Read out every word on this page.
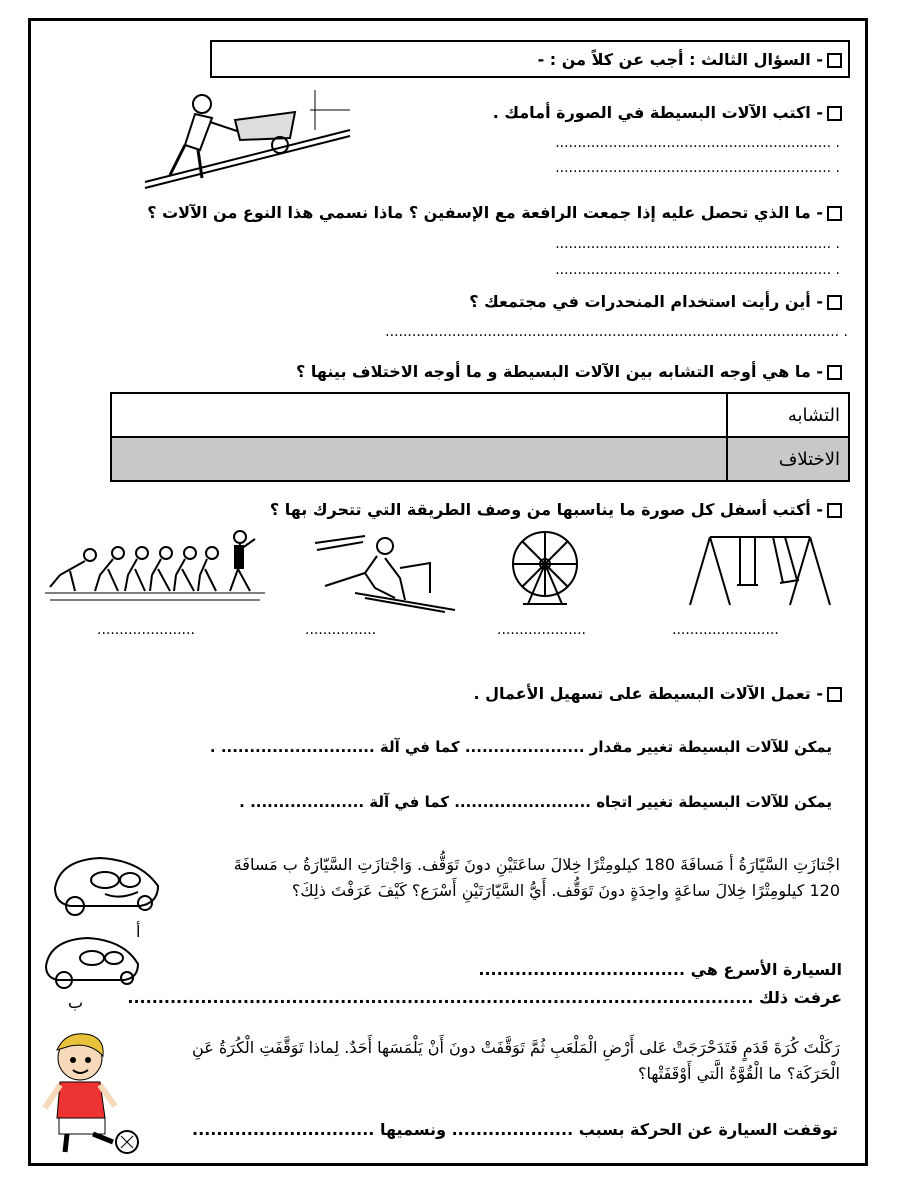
- السؤال الثالث : أجب عن كلاً من : -
- اكتب الآلات البسيطة في الصورة أمامك .
. ..............................................................
. ..............................................................
- ما الذي تحصل عليه إذا جمعت الرافعة مع الإسفين ؟ ماذا نسمي هذا النوع من الآلات ؟
. ..............................................................
. ..............................................................
- أين رأيت استخدام المنحدرات في مجتمعك ؟
. ......................................................................................................
- ما هي أوجه التشابه بين الآلات البسيطة و ما أوجه الاختلاف بينها ؟
التشابه	
الاختلاف	
- أكتب أسفل كل صورة ما يناسبها من وصف الطريقة التي تتحرك بها ؟
......................	................	....................	........................
- تعمل الآلات البسيطة على تسهيل الأعمال .
يمكن للآلات البسيطة تغيير مقدار ..................... كما في آلة ........................... .
يمكن للآلات البسيطة تغيير اتجاه ........................ كما في آلة .................... .
أ
ب
اجْتازَتِ السَّيّارَةُ أ مَسافَةَ 180 كيلومِتْرًا خِلالَ ساعَتَيْنِ دونَ تَوَقُّف. وَاجْتازَتِ السَّيّارَةُ ب مَسافَةَ 120 كيلومِتْرًا خِلالَ ساعَةٍ واحِدَةٍ دونَ تَوَقُّف. أَيُّ السَّيّارَتَيْنِ أَسْرَع؟ كَيْفَ عَرَفْتَ ذلِكَ؟
السيارة الأسرع هي ..................................
عرفت ذلك .......................................................................................................
رَكَلْتَ كُرَةَ قَدَمٍ فَتَدَحْرَجَتْ عَلى أَرْضِ الْمَلْعَبِ ثُمَّ تَوَقَّفَتْ دونَ أَنْ يَلْمَسَها أَحَدٌ. لِماذا تَوَقَّفَتِ الْكُرَةُ عَنِ الْحَرَكَة؟ ما الْقُوَّةُ الَّتي أَوْقَفَتْها؟
توقفت السيارة عن الحركة بسبب .................... ونسميها ..............................
